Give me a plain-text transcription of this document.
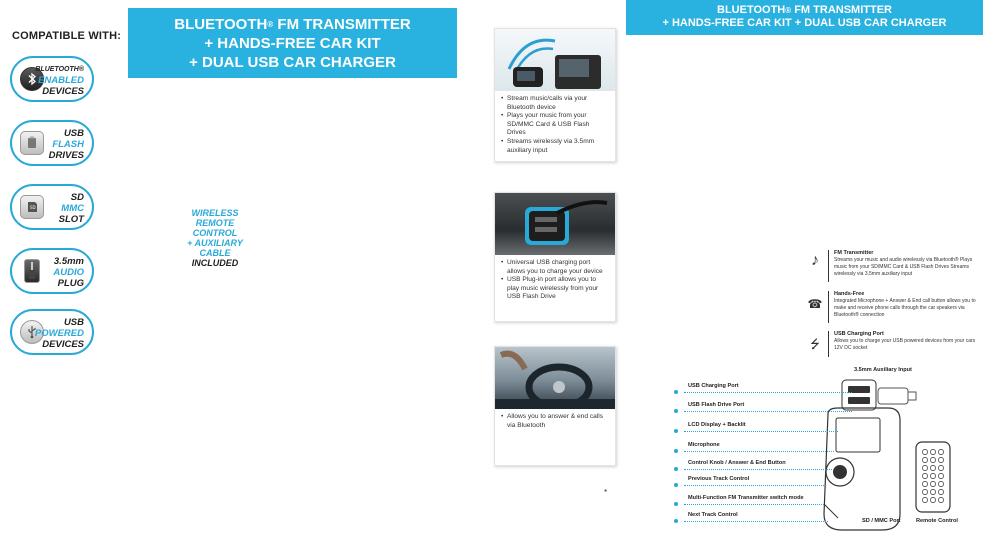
COMPATIBLE WITH:
BLUETOOTH®
ENABLED
DEVICES
USB
FLASH
DRIVES
SD
SD
MMC
SLOT
3.5mm
AUDIO
PLUG
USB
POWERED
DEVICES
BLUETOOTH® FM TRANSMITTER
+ HANDS-FREE CAR KIT
+ DUAL USB CAR CHARGER
WIRELESS
REMOTE CONTROL
+ AUXILIARY CABLE
INCLUDED
• Stream music/calls via your Bluetooth device
• Plays your music from your SD/MMC Card & USB Flash Drives
• Streams wirelessly via 3.5mm auxiliary input
• Universal USB charging port allows you to charge your device
• USB Plug-in port allows you to play music wirelessly from your USB Flash Drive
• Allows you to answer & end calls via Bluetooth
*
BLUETOOTH® FM TRANSMITTER
+ HANDS-FREE CAR KIT + DUAL USB CAR CHARGER
♪	FM Transmitter
Streams your music and audio wirelessly via Bluetooth® Plays music from your SD/MMC Card & USB Flash Drives Streams wirelessly via 3.5mm auxiliary input
☎
Hands-Free
Integrated Microphone + Answer & End call button allows you to make and receive phone calls through the car speakers via Bluetooth® connection
⭍
USB Charging Port
Allows you to charge your USB powered devices from your cars 12V DC socket
3.5mm Auxiliary Input
USB Charging Port
USB Flash Drive Port
LCD Display + Backlit
Microphone
Control Knob / Answer & End Button
Previous Track Control
Multi-Function FM Transmitter switch mode
Next Track Control
SD / MMC Port	Remote Control
